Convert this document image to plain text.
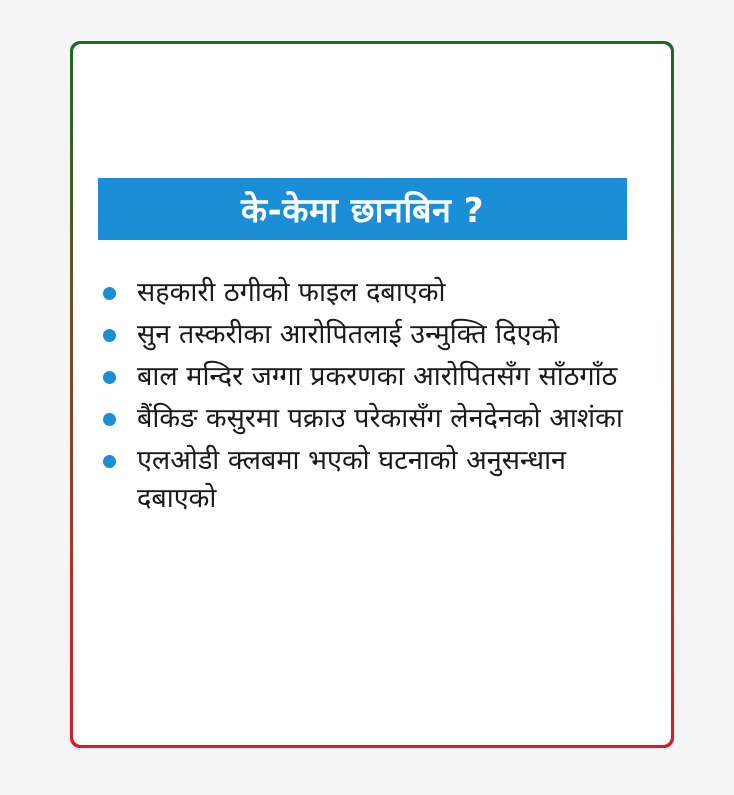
के-केमा छानबिन ?
सहकारी ठगीको फाइल दबाएको
सुन तस्करीका आरोपितलाई उन्मुक्ति दिएको
बाल मन्दिर जग्गा प्रकरणका आरोपितसँग साँठगाँठ
बैंकिङ कसुरमा पक्राउ परेकासँग लेनदेनको आशंका
एलओडी क्लबमा भएको घटनाको अनुसन्धान दबाएको
